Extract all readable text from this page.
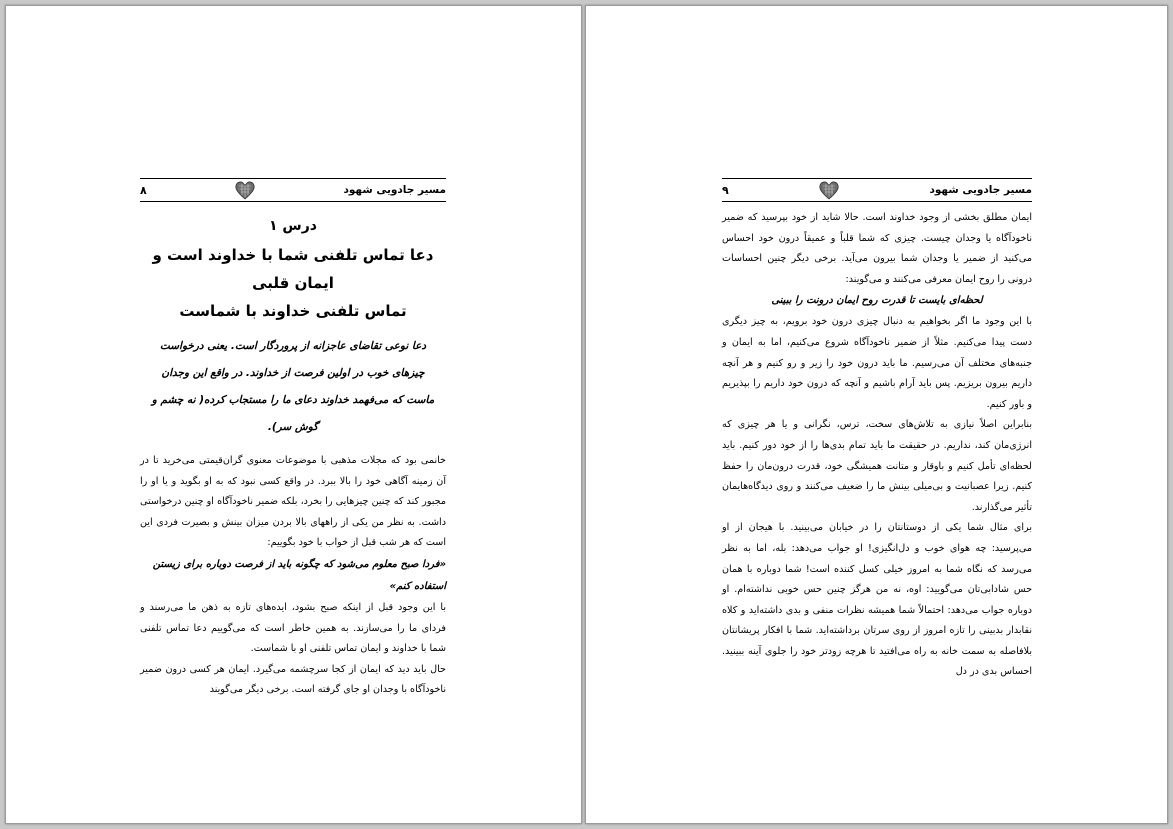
۸	مسیر جادویی شهود

درس ۱

دعا تماس تلفنی شما با خداوند است و ایمان قلبی
تماس تلفنی خداوند با شماست

دعا نوعی تقاضای عاجزانه از پروردگار است. یعنی درخواست چیزهای خوب در اولین فرصت از خداوند. در واقع این وجدان ماست که می‌فهمد خداوند دعای ما را مستجاب کرده( نه چشم و گوش سر).

خانمی بود که مجلات مذهبی با موضوعات معنوی گران‌قیمتی می‌خرید تا در آن زمینه آگاهی خود را بالا ببرد. در واقع کسی نبود که به او بگوید و یا او را مجبور کند که چنین چیزهایی را بخرد، بلکه ضمیر ناخودآگاه او چنین درخواستی داشت. به نظر من یکی از راههای بالا بردن میزان بینش و بصیرت فردی این است که هر شب قبل از خواب با خود بگوییم:

«فردا صبح معلوم می‌شود که چگونه باید از فرصت دوباره برای زیستن استفاده کنم»

با این وجود قبل از اینکه صبح بشود، ایده‌های تازه به ذهن ما می‌رسند و فردای ما را می‌سازند. به همین خاطر است که می‌گوییم دعا تماس تلفنی شما با خداوند و ایمان تماس تلفنی او با شماست.

حال باید دید که ایمان از کجا سرچشمه می‌گیرد. ایمان هر کسی درون ضمیر ناخودآگاه با وجدان او جای گرفته است. برخی دیگر می‌گویند

۹	مسیر جادویی شهود

ایمان مطلق بخشی از وجود خداوند است. حالا شاید از خود بپرسید که ضمیر ناخودآگاه یا وجدان چیست. چیزی که شما قلباً و عمیقاً درون خود احساس می‌کنید از ضمیر یا وجدان شما بیرون می‌آید. برخی دیگر چنین احساسات درونی را روح ایمان معرفی می‌کنند و می‌گویند:

لحظه‌ای بایست تا قدرت روح ایمان درونت را ببینی

با این وجود ما اگر بخواهیم به دنبال چیزی درون خود برویم، به چیز دیگری دست پیدا می‌کنیم. مثلاً از ضمیر ناخودآگاه شروع می‌کنیم، اما به ایمان و جنبه‌های مختلف آن می‌رسیم. ما باید درون خود را زیر و رو کنیم و هر آنچه داریم بیرون بریزیم. پس باید آرام باشیم و آنچه که درون خود داریم را بپذیریم و باور کنیم.

بنابراین اصلاً نیازی به تلاش‌های سخت، ترس، نگرانی و یا هر چیزی که انرژی‌مان کند، نداریم. در حقیقت ما باید تمام بدی‌ها را از خود دور کنیم. باید لحظه‌ای تأمل کنیم و باوقار و متانت همیشگی خود، قدرت درون‌مان را حفظ کنیم. زیرا عصبانیت و بی‌میلی بینش ما را ضعیف می‌کنند و روی دیدگاه‌هایمان تأثیر می‌گذارند.

برای مثال شما یکی از دوستانتان را در خیابان می‌بینید. با هیجان از او می‌پرسید: چه هوای خوب و دل‌انگیزی! او جواب می‌دهد: بله، اما به نظر می‌رسد که نگاه شما به امروز خیلی کسل کننده است! شما دوباره با همان حس شادابی‌تان می‌گویید: اوه، نه من هرگز چنین حس خوبی نداشته‌ام. او دوباره جواب می‌دهد: احتمالاً شما همیشه نظرات منفی و بدی داشته‌اید و کلاه نقابدار بدبینی را تازه امروز از روی سرتان برداشته‌اید. شما با افکار پریشانتان بلافاصله به سمت خانه به راه می‌افتید تا هرچه زودتر خود را جلوی آینه ببینید. احساس بدی در دل
